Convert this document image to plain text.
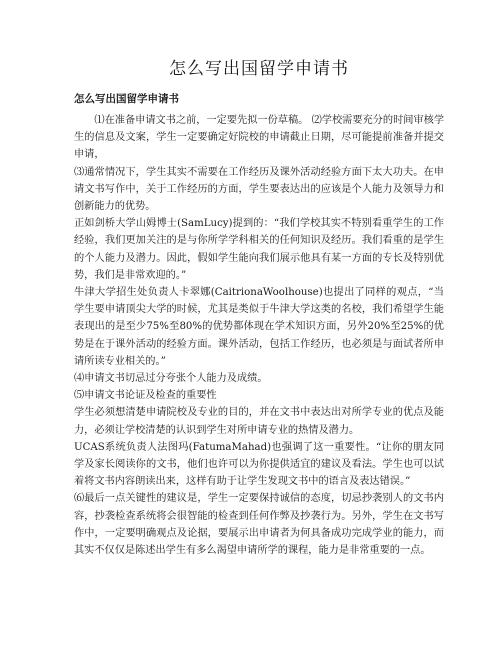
怎么写出国留学申请书
怎么写出国留学申请书

⑴在准备申请文书之前，一定要先拟一份草稿。 ⑵学校需要充分的时间审核学生的信息及文案，学生一定要确定好院校的申请截止日期，尽可能提前准备并提交申请，

⑶通常情况下，学生其实不需要在工作经历及课外活动经验方面下太大功夫。在申请文书写作中，关于工作经历的方面，学生要表达出的应该是个人能力及领导力和创新能力的优势。

正如剑桥大学山姆博士(SamLucy)提到的：“我们学校其实不特别看重学生的工作经验，我们更加关注的是与你所学学科相关的任何知识及经历。我们看重的是学生的个人能力及潜力。因此，假如学生能向我们展示他具有某一方面的专长及特别优势，我们是非常欢迎的。”

牛津大学招生处负责人卡翠娜(CaitrionaWoolhouse)也提出了同样的观点，“当学生要申请顶尖大学的时候，尤其是类似于牛津大学这类的名校，我们希望学生能表现出的是至少75%至80%的优势都体现在学术知识方面，另外20%至25%的优势是在于课外活动的经验方面。课外活动，包括工作经历，也必须是与面试者所申请所读专业相关的。”

⑷申请文书切忌过分夸张个人能力及成绩。

⑸申请文书论证及检查的重要性

学生必须想清楚申请院校及专业的目的，并在文书中表达出对所学专业的优点及能力，必须让学校清楚的认识到学生对所申请专业的热情及潜力。

UCAS系统负责人法图玛(FatumaMahad)也强调了这一重要性。“让你的朋友同学及家长阅读你的文书，他们也许可以为你提供适宜的建议及看法。学生也可以试着将文书内容朗读出来，这样有助于让学生发现文书中的语言及表达错误。”

⑹最后一点关键性的建议是，学生一定要保持诚信的态度，切忌抄袭别人的文书内容，抄袭检查系统将会很智能的检查到任何作弊及抄袭行为。另外，学生在文书写作中，一定要明确观点及论据，要展示出申请者为何具备成功完成学业的能力，而其实不仅仅是陈述出学生有多么渴望申请所学的课程，能力是非常重要的一点。
